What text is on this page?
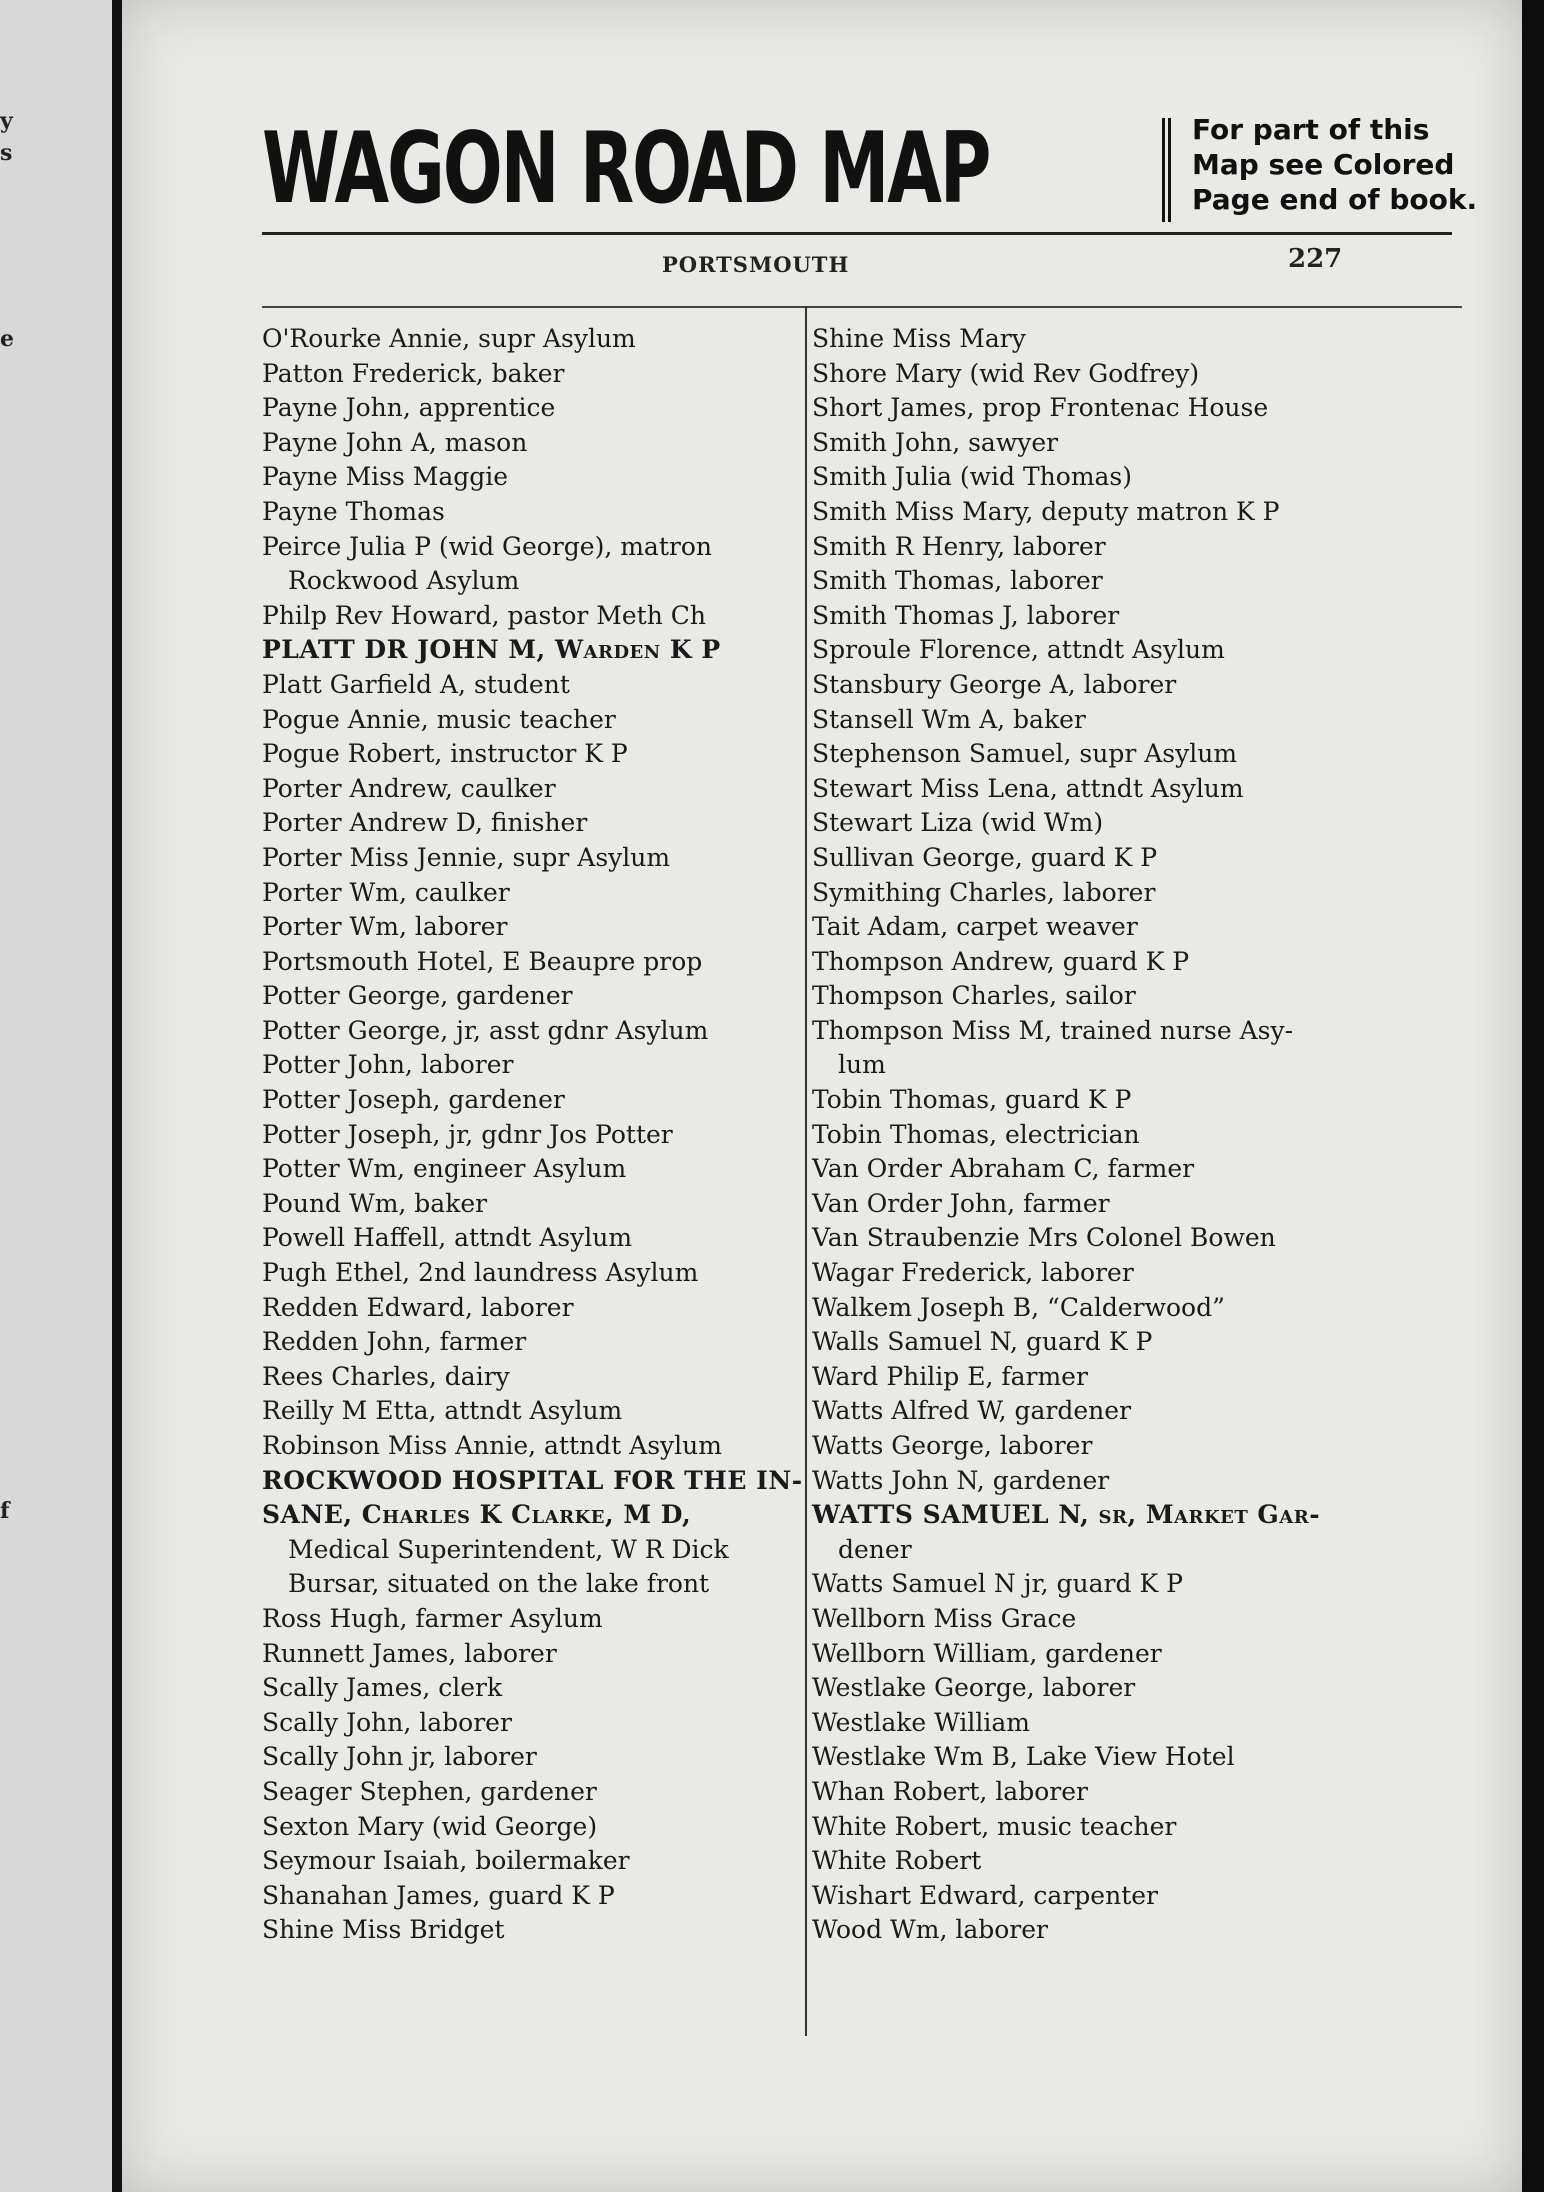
y
s
e
f
WAGON ROAD MAP	For part of this
Map see Colored
Page end of book.
PORTSMOUTH	227
O'Rourke Annie, supr Asylum
Patton Frederick, baker
Payne John, apprentice
Payne John A, mason
Payne Miss Maggie
Payne Thomas
Peirce Julia P (wid George), matron
Rockwood Asylum
Philp Rev Howard, pastor Meth Ch
PLATT DR JOHN M, Warden K P
Platt Garfield A, student
Pogue Annie, music teacher
Pogue Robert, instructor K P
Porter Andrew, caulker
Porter Andrew D, finisher
Porter Miss Jennie, supr Asylum
Porter Wm, caulker
Porter Wm, laborer
Portsmouth Hotel, E Beaupre prop
Potter George, gardener
Potter George, jr, asst gdnr Asylum
Potter John, laborer
Potter Joseph, gardener
Potter Joseph, jr, gdnr Jos Potter
Potter Wm, engineer Asylum
Pound Wm, baker
Powell Haffell, attndt Asylum
Pugh Ethel, 2nd laundress Asylum
Redden Edward, laborer
Redden John, farmer
Rees Charles, dairy
Reilly M Etta, attndt Asylum
Robinson Miss Annie, attndt Asylum
ROCKWOOD HOSPITAL FOR THE IN-
SANE, Charles K Clarke, M D,
Medical Superintendent, W R Dick
Bursar, situated on the lake front
Ross Hugh, farmer Asylum
Runnett James, laborer
Scally James, clerk
Scally John, laborer
Scally John jr, laborer
Seager Stephen, gardener
Sexton Mary (wid George)
Seymour Isaiah, boilermaker
Shanahan James, guard K P
Shine Miss Bridget
Shine Miss Mary
Shore Mary (wid Rev Godfrey)
Short James, prop Frontenac House
Smith John, sawyer
Smith Julia (wid Thomas)
Smith Miss Mary, deputy matron K P
Smith R Henry, laborer
Smith Thomas, laborer
Smith Thomas J, laborer
Sproule Florence, attndt Asylum
Stansbury George A, laborer
Stansell Wm A, baker
Stephenson Samuel, supr Asylum
Stewart Miss Lena, attndt Asylum
Stewart Liza (wid Wm)
Sullivan George, guard K P
Symithing Charles, laborer
Tait Adam, carpet weaver
Thompson Andrew, guard K P
Thompson Charles, sailor
Thompson Miss M, trained nurse Asy-
lum
Tobin Thomas, guard K P
Tobin Thomas, electrician
Van Order Abraham C, farmer
Van Order John, farmer
Van Straubenzie Mrs Colonel Bowen
Wagar Frederick, laborer
Walkem Joseph B, “Calderwood”
Walls Samuel N, guard K P
Ward Philip E, farmer
Watts Alfred W, gardener
Watts George, laborer
Watts John N, gardener
WATTS SAMUEL N, sr, Market Gar-
dener
Watts Samuel N jr, guard K P
Wellborn Miss Grace
Wellborn William, gardener
Westlake George, laborer
Westlake William
Westlake Wm B, Lake View Hotel
Whan Robert, laborer
White Robert, music teacher
White Robert
Wishart Edward, carpenter
Wood Wm, laborer
